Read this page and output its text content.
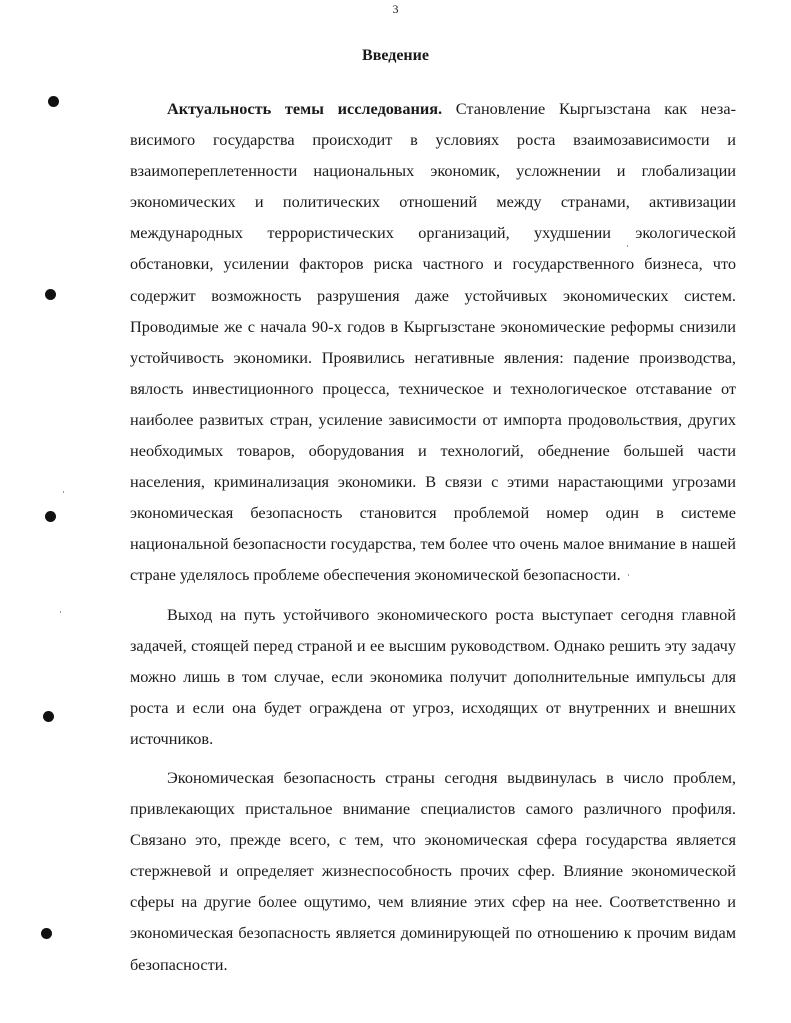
3
Введение

Актуальность темы исследования. Становление Кыргызстана как независимого государства происходит в условиях роста взаимозависимости и взаимопереплетенности национальных экономик, усложнении и глобализации экономических и политических отношений между странами, активизации международных террористических организаций, ухудшении экологической обстановки, усилении факторов риска частного и государственного бизнеса, что содержит возможность разрушения даже устойчивых экономических систем. Проводимые же с начала 90-х годов в Кыргызстане экономические реформы снизили устойчивость экономики. Проявились негативные явления: падение производства, вялость инвестиционного процесса, техническое и технологическое отставание от наиболее развитых стран, усиление зависимости от импорта продовольствия, других необходимых товаров, оборудования и технологий, обеднение большей части населения, криминализация экономики. В связи с этими нарастающими угрозами экономическая безопасность становится проблемой номер один в системе национальной безопасности государства, тем более что очень малое внимание в нашей стране уделялось проблеме обеспечения экономической безопасности.

Выход на путь устойчивого экономического роста выступает сегодня главной задачей, стоящей перед страной и ее высшим руководством. Однако решить эту задачу можно лишь в том случае, если экономика получит дополнительные импульсы для роста и если она будет ограждена от угроз, исходящих от внутренних и внешних источников.

Экономическая безопасность страны сегодня выдвинулась в число проблем, привлекающих пристальное внимание специалистов самого различного профиля. Связано это, прежде всего, с тем, что экономическая сфера государства является стержневой и определяет жизнеспособность прочих сфер. Влияние экономической сферы на другие более ощутимо, чем влияние этих сфер на нее. Соответственно и экономическая безопасность является доминирующей по отношению к прочим видам безопасности.
